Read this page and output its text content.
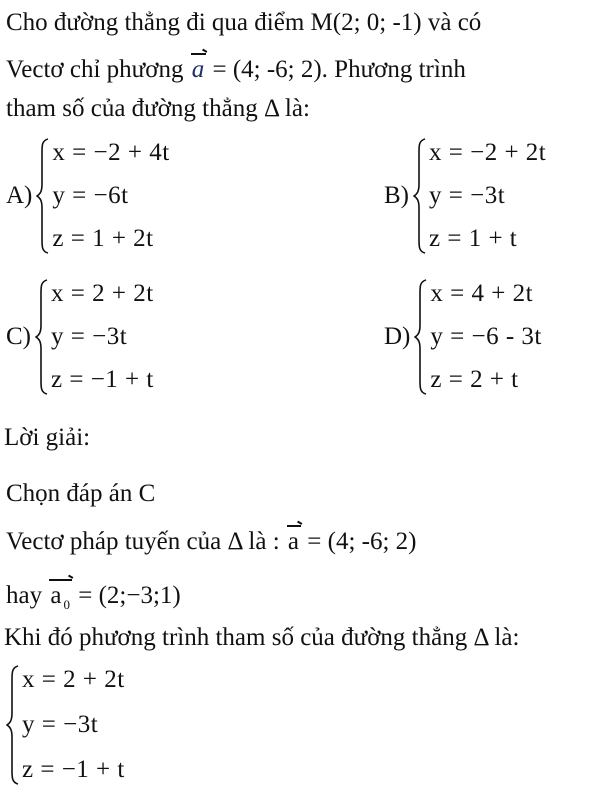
Cho đường thẳng đi qua điểm M(2; 0; -1) và có
Vectơ chỉ phương a = (4; -6; 2). Phương trình
tham số của đường thẳng Δ là:
A)
x = −2 + 4t
y = −6t
z = 1 + 2t
B)
x = −2 + 2t
y = −3t
z = 1 + t
C)
x = 2 + 2t
y = −3t
z = −1 + t
D)
x = 4 + 2t
y = −6 - 3t
z = 2 + t
Lời giải:
Chọn đáp án C
Vectơ pháp tuyến của Δ là : a = (4; -6; 2)
hay a $_0$ = (2;−3;1)
Khi đó phương trình tham số của đường thẳng Δ là:
x = 2 + 2t
y = −3t
z = −1 + t
